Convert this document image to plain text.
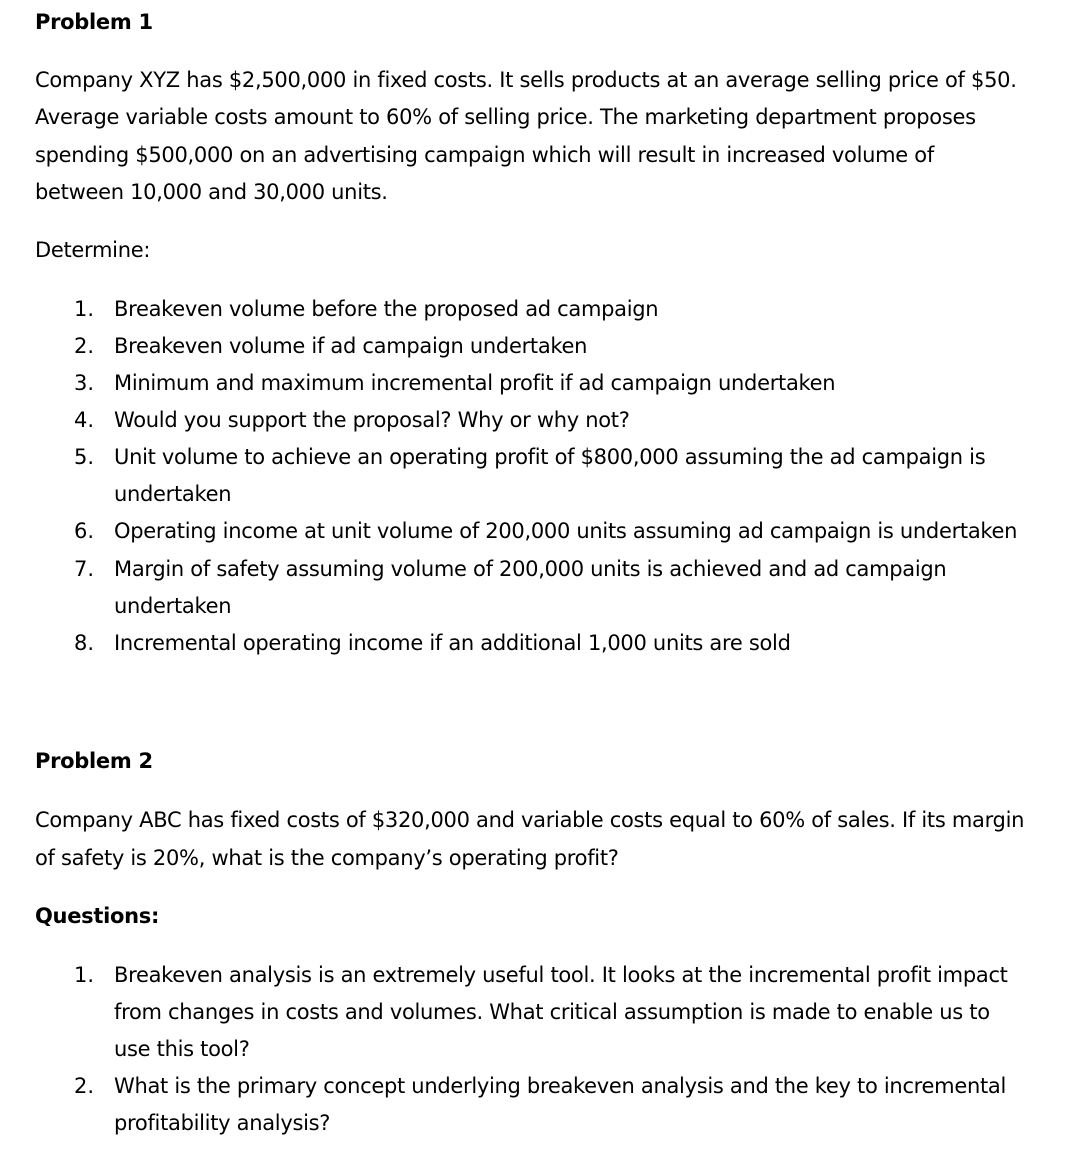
Problem 1
Company XYZ has $2,500,000 in fixed costs. It sells products at an average selling price of $50.
Average variable costs amount to 60% of selling price. The marketing department proposes
spending $500,000 on an advertising campaign which will result in increased volume of
between 10,000 and 30,000 units.
Determine:
1. Breakeven volume before the proposed ad campaign
2. Breakeven volume if ad campaign undertaken
3. Minimum and maximum incremental profit if ad campaign undertaken
4. Would you support the proposal? Why or why not?
5. Unit volume to achieve an operating profit of $800,000 assuming the ad campaign is
undertaken
6. Operating income at unit volume of 200,000 units assuming ad campaign is undertaken
7. Margin of safety assuming volume of 200,000 units is achieved and ad campaign
undertaken
8. Incremental operating income if an additional 1,000 units are sold
Problem 2
Company ABC has fixed costs of $320,000 and variable costs equal to 60% of sales. If its margin
of safety is 20%, what is the company’s operating profit?
Questions:
1. Breakeven analysis is an extremely useful tool. It looks at the incremental profit impact
from changes in costs and volumes. What critical assumption is made to enable us to
use this tool?
2. What is the primary concept underlying breakeven analysis and the key to incremental
profitability analysis?
